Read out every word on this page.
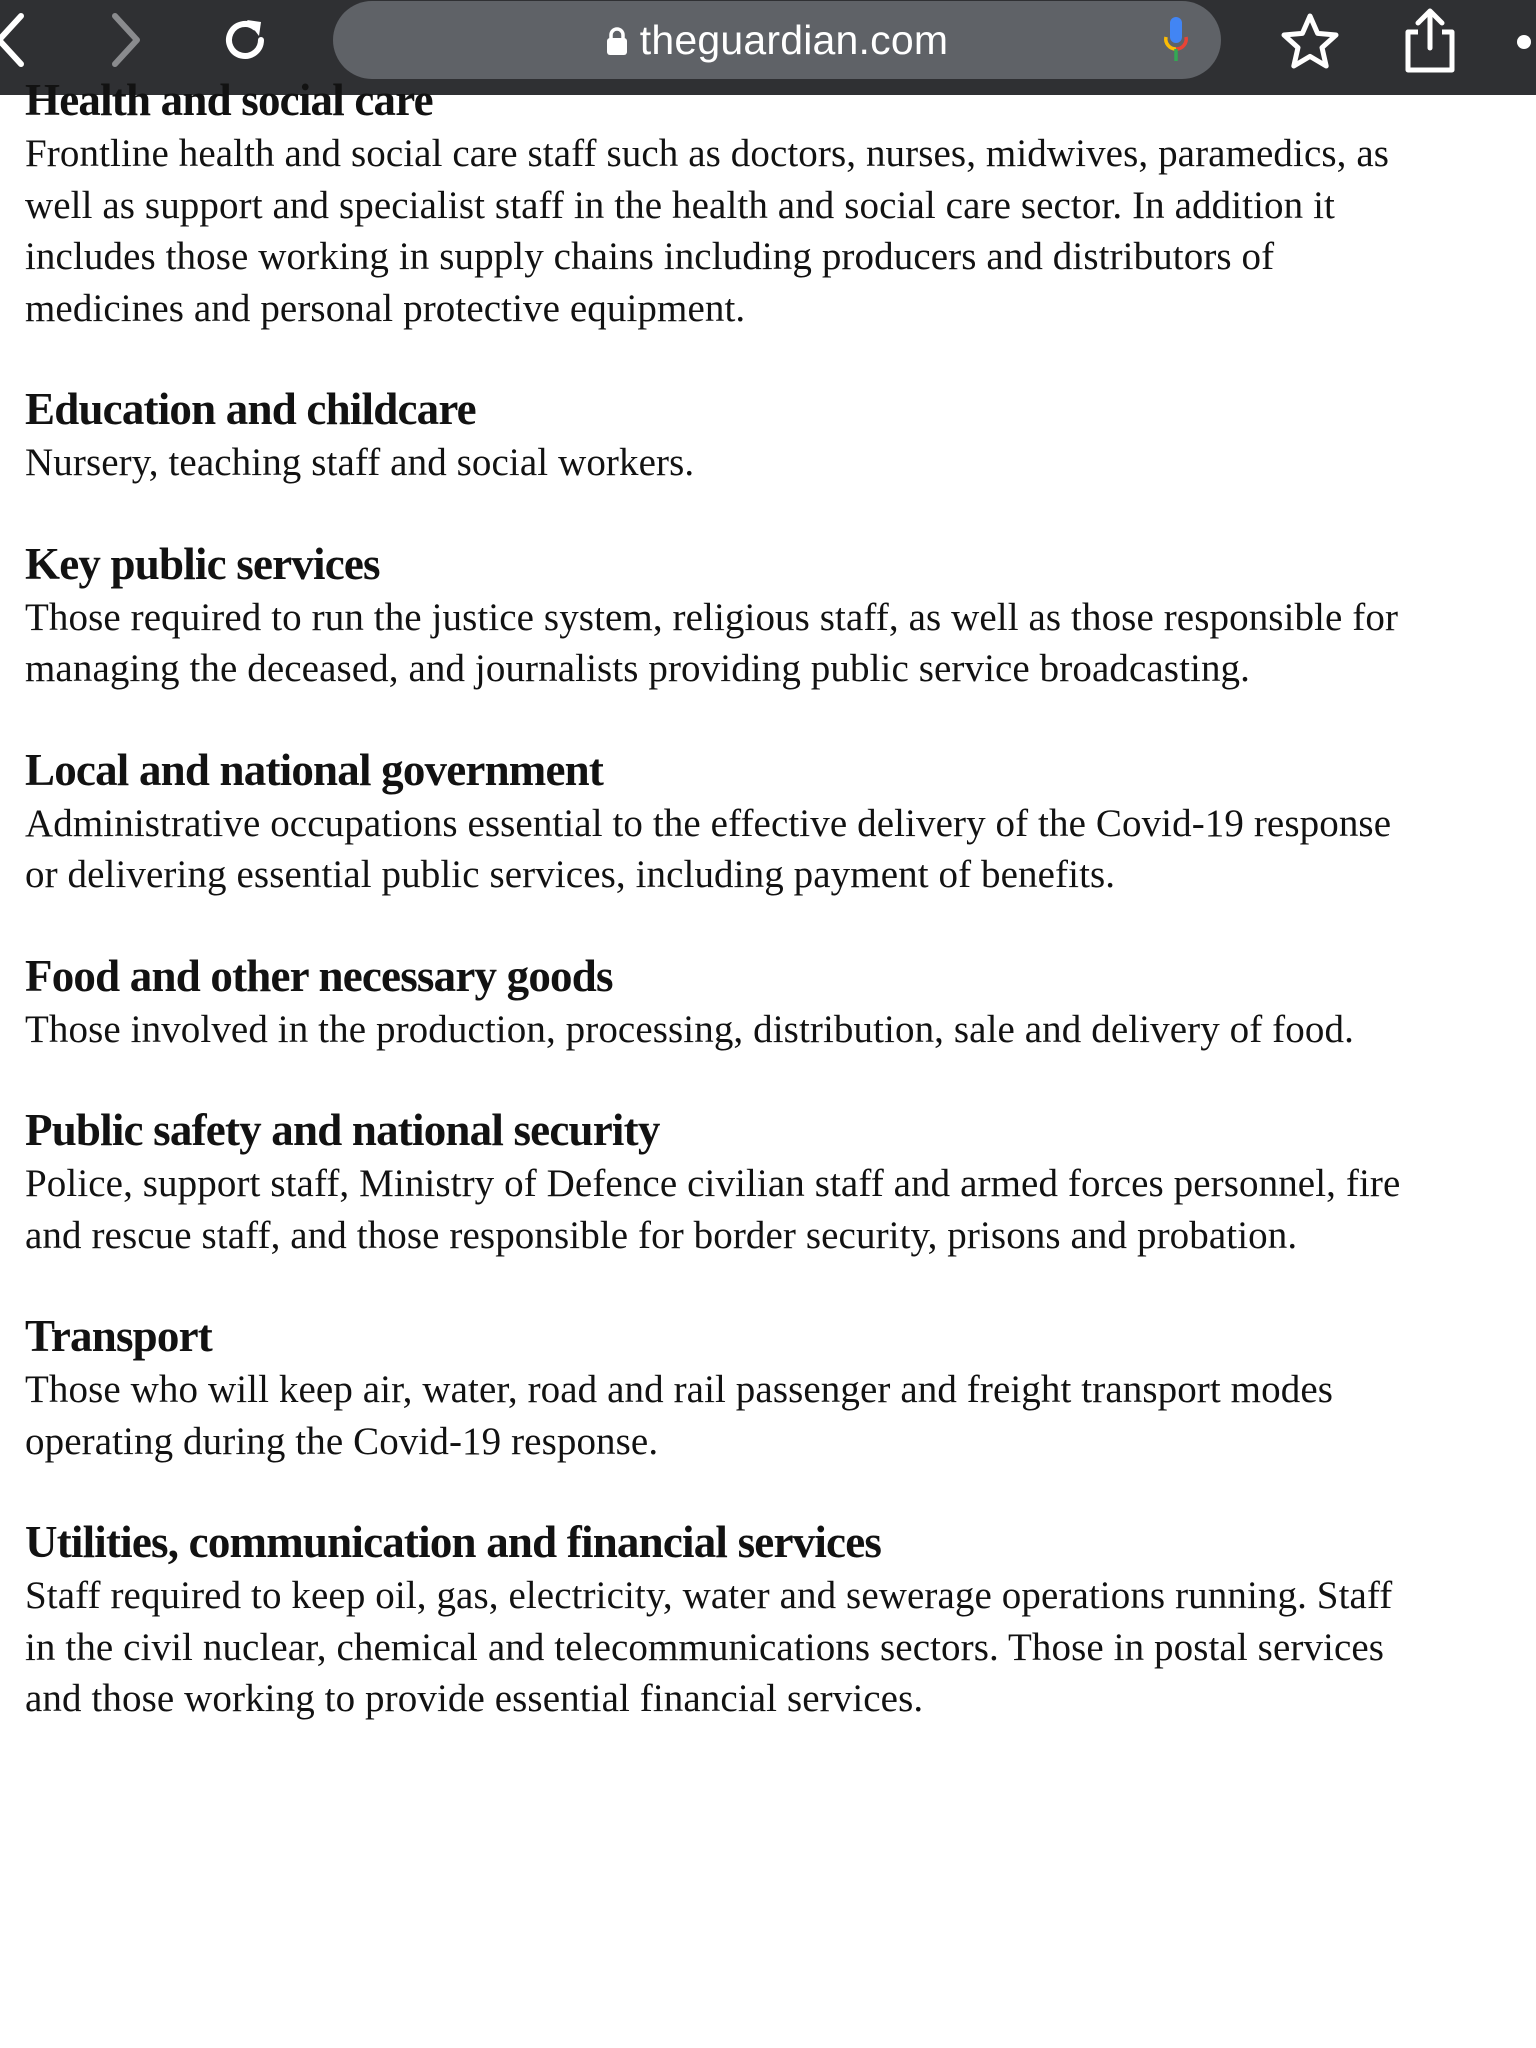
theguardian.com
Health and social care

Frontline health and social care staff such as doctors, nurses, midwives, paramedics, as well as support and specialist staff in the health and social care sector. In addition it includes those working in supply chains including producers and distributors of medicines and personal protective equipment.

Education and childcare

Nursery, teaching staff and social workers.

Key public services

Those required to run the justice system, religious staff, as well as those responsible for managing the deceased, and journalists providing public service broadcasting.

Local and national government

Administrative occupations essential to the effective delivery of the Covid-19 response or delivering essential public services, including payment of benefits.

Food and other necessary goods

Those involved in the production, processing, distribution, sale and delivery of food.

Public safety and national security

Police, support staff, Ministry of Defence civilian staff and armed forces personnel, fire and rescue staff, and those responsible for border security, prisons and probation.

Transport

Those who will keep air, water, road and rail passenger and freight transport modes operating during the Covid-19 response.

Utilities, communication and financial services

Staff required to keep oil, gas, electricity, water and sewerage operations running. Staff in the civil nuclear, chemical and telecommunications sectors. Those in postal services and those working to provide essential financial services.
